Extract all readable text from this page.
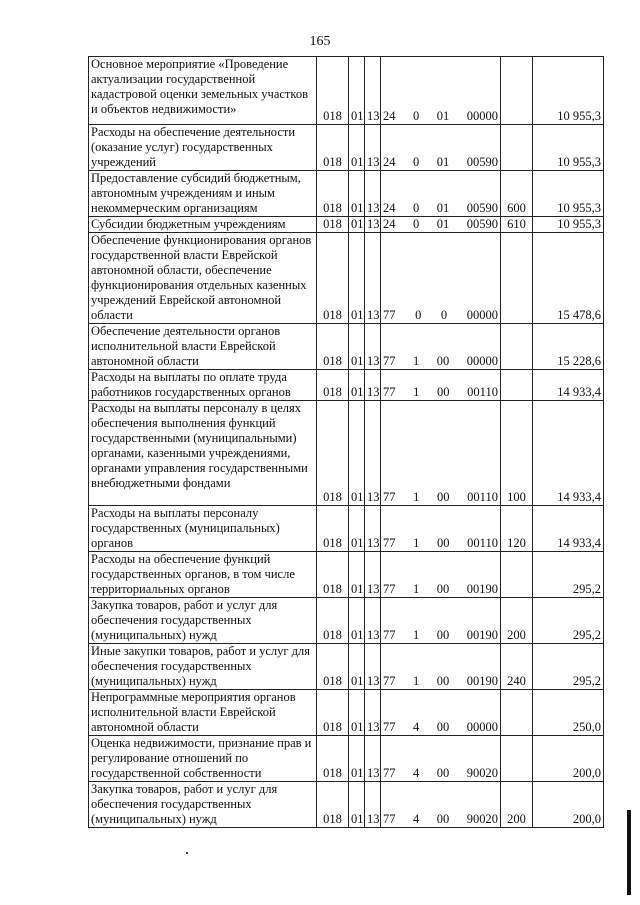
165
Основное мероприятие «Проведение актуализации государственной кадастровой оценки земельных участков и объектов недвижимости»	018	01	13	24 0 01 00000		10 955,3
Расходы на обеспечение деятельности (оказание услуг) государственных учреждений	018	01	13	24 0 01 00590		10 955,3
Предоставление субсидий бюджетным, автономным учреждениям и иным некоммерческим организациям	018	01	13	24 0 01 00590	600	10 955,3
Субсидии бюджетным учреждениям	018	01	13	24 0 01 00590	610	10 955,3
Обеспечение функционирования органов государственной власти Еврейской автономной области, обеспечение функционирования отдельных казенных учреждений Еврейской автономной области	018	01	13	77 0 0 00000		15 478,6
Обеспечение деятельности органов исполнительной власти Еврейской автономной области	018	01	13	77 1 00 00000		15 228,6
Расходы на выплаты по оплате труда работников государственных органов	018	01	13	77 1 00 00110		14 933,4
Расходы на выплаты персоналу в целях обеспечения выполнения функций государственными (муниципальными) органами, казенными учреждениями, органами управления государственными внебюджетными фондами	018	01	13	77 1 00 00110	100	14 933,4
Расходы на выплаты персоналу государственных (муниципальных) органов	018	01	13	77 1 00 00110	120	14 933,4
Расходы на обеспечение функций государственных органов, в том числе территориальных органов	018	01	13	77 1 00 00190		295,2
Закупка товаров, работ и услуг для обеспечения государственных (муниципальных) нужд	018	01	13	77 1 00 00190	200	295,2
Иные закупки товаров, работ и услуг для обеспечения государственных (муниципальных) нужд	018	01	13	77 1 00 00190	240	295,2
Непрограммные мероприятия органов исполнительной власти Еврейской автономной области	018	01	13	77 4 00 00000		250,0
Оценка недвижимости, признание прав и регулирование отношений по государственной собственности	018	01	13	77 4 00 90020		200,0
Закупка товаров, работ и услуг для обеспечения государственных (муниципальных) нужд	018	01	13	77 4 00 90020	200	200,0
